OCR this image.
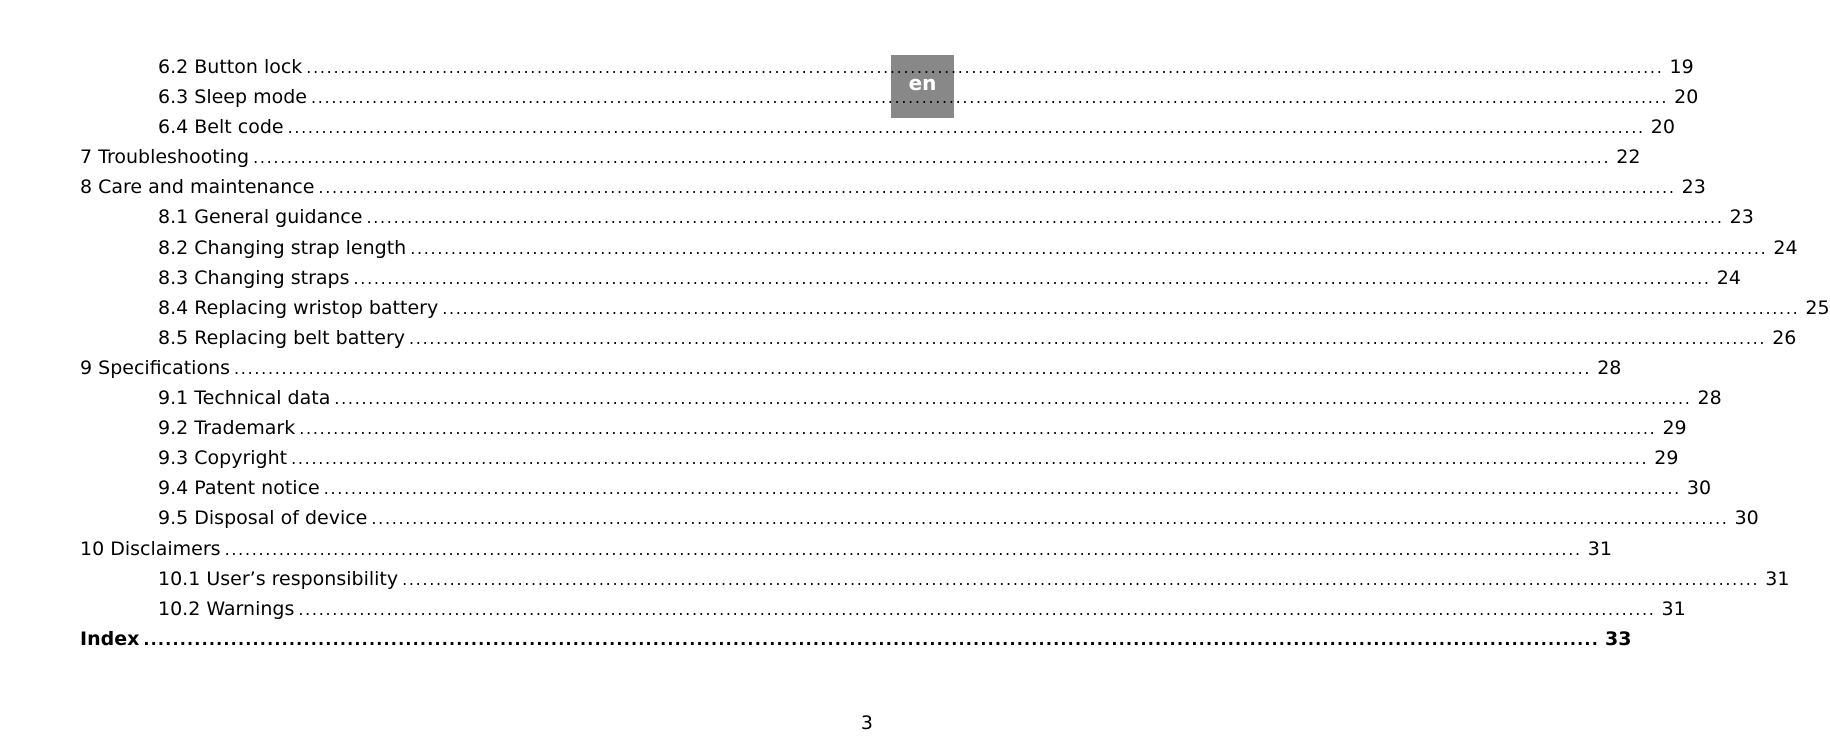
en
6.2 Button lock ........................................................................................................................................................................................................ 19
6.3 Sleep mode ........................................................................................................................................................................................................ 20
6.4 Belt code ........................................................................................................................................................................................................ 20
7 Troubleshooting ........................................................................................................................................................................................................ 22
8 Care and maintenance ........................................................................................................................................................................................................ 23
8.1 General guidance ........................................................................................................................................................................................................ 23
8.2 Changing strap length ........................................................................................................................................................................................................ 24
8.3 Changing straps ........................................................................................................................................................................................................ 24
8.4 Replacing wristop battery ........................................................................................................................................................................................................ 25
8.5 Replacing belt battery ........................................................................................................................................................................................................ 26
9 Specifications ........................................................................................................................................................................................................ 28
9.1 Technical data ........................................................................................................................................................................................................ 28
9.2 Trademark ........................................................................................................................................................................................................ 29
9.3 Copyright ........................................................................................................................................................................................................ 29
9.4 Patent notice ........................................................................................................................................................................................................ 30
9.5 Disposal of device ........................................................................................................................................................................................................ 30
10 Disclaimers ........................................................................................................................................................................................................ 31
10.1 User’s responsibility ........................................................................................................................................................................................................ 31
10.2 Warnings ........................................................................................................................................................................................................ 31
Index ........................................................................................................................................................................................................ 33
3
